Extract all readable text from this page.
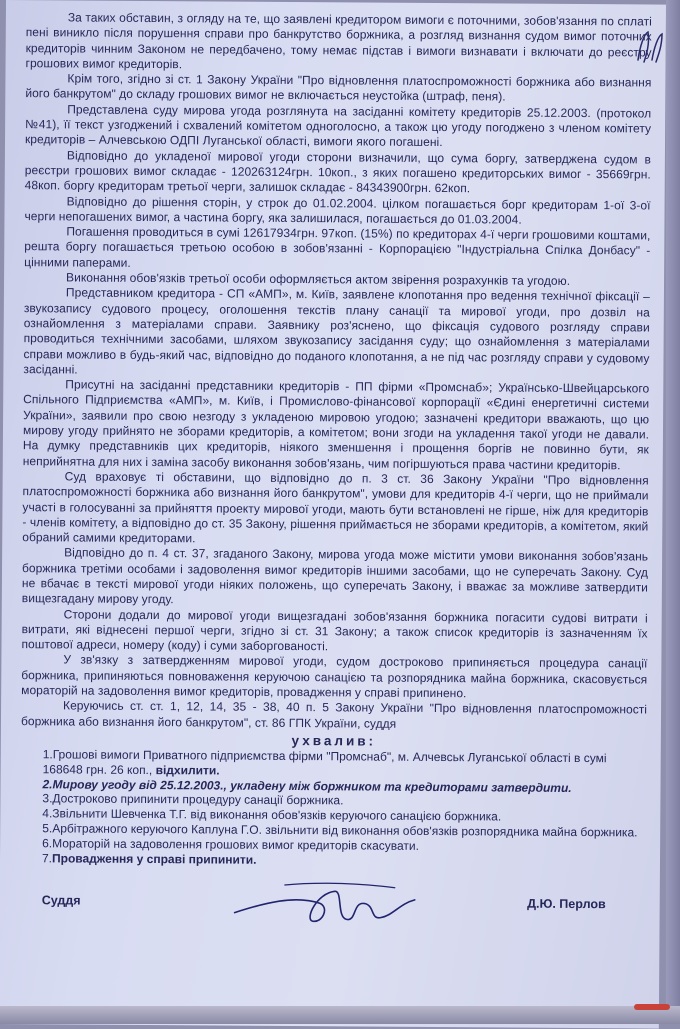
За таких обставин, з огляду на те, що заявлені кредитором вимоги є поточними, зобов'язання по сплаті пені виникло після порушення справи про банкрутство боржника, а розгляд визнання судом вимог поточних кредиторів чинним Законом не передбачено, тому немає підстав і вимоги визнавати і включати до реєстру грошових вимог кредиторів.

Крім того, згідно зі ст. 1 Закону України "Про відновлення платоспроможності боржника або визнання його банкрутом" до складу грошових вимог не включається неустойка (штраф, пеня).

Представлена суду мирова угода розглянута на засіданні комітету кредиторів 25.12.2003. (протокол №41), її текст узгоджений і схвалений комітетом одноголосно, а також цю угоду погоджено з членом комітету кредиторів – Алчевською ОДПІ Луганської області, вимоги якого погашені.

Відповідно до укладеної мирової угоди сторони визначили, що сума боргу, затверджена судом в реєстри грошових вимог складає - 120263124грн. 10коп., з яких погашено кредиторських вимог - 35669грн. 48коп. боргу кредиторам третьої черги, залишок складає - 84343900грн. 62коп.

Відповідно до рішення сторін, у строк до 01.02.2004. цілком погашається борг кредиторам 1-ої 3-ої черги непогашених вимог, а частина боргу, яка залишилася, погашається до 01.03.2004.

Погашення проводиться в сумі 12617934грн. 97коп. (15%) по кредиторах 4-ї черги грошовими коштами, решта боргу погашається третьою особою в зобов'язанні - Корпорацією "Індустріальна Спілка Донбасу" - цінними паперами.

Виконання обов'язків третьої особи оформляється актом звірення розрахунків та угодою.

Представником кредитора - СП «АМП», м. Київ, заявлене клопотання про ведення технічної фіксації – звукозапису судового процесу, оголошення текстів плану санації та мирової угоди, про дозвіл на ознайомлення з матеріалами справи. Заявнику роз'яснено, що фіксація судового розгляду справи проводиться технічними засобами, шляхом звукозапису засідання суду; що ознайомлення з матеріалами справи можливо в будь-який час, відповідно до поданого клопотання, а не під час розгляду справи у судовому засіданні.

Присутні на засіданні представники кредиторів - ПП фірми «Промснаб»; Українсько-Швейцарського Спільного Підприємства «АМП», м. Київ, і Промислово-фінансової корпорації «Єдині енергетичні системи України», заявили про свою незгоду з укладеною мировою угодою; зазначені кредитори вважають, що цю мирову угоду прийнято не зборами кредиторів, а комітетом; вони згоди на укладення такої угоди не давали. На думку представників цих кредиторів, ніякого зменшення і прощення боргів не повинно бути, як неприйнятна для них і заміна засобу виконання зобов'язань, чим погіршуються права частини кредиторів.

Суд враховує ті обставини, що відповідно до п. 3 ст. 36 Закону України "Про відновлення платоспроможності боржника або визнання його банкрутом", умови для кредиторів 4-ї черги, що не приймали участі в голосуванні за прийняття проекту мирової угоди, мають бути встановлені не гірше, ніж для кредиторів - членів комітету, а відповідно до ст. 35 Закону, рішення приймається не зборами кредиторів, а комітетом, який обраний самими кредиторами.

Відповідно до п. 4 ст. 37, згаданого Закону, мирова угода може містити умови виконання зобов'язань боржника третіми особами і задоволення вимог кредиторів іншими засобами, що не суперечать Закону. Суд не вбачає в тексті мирової угоди ніяких положень, що суперечать Закону, і вважає за можливе затвердити вищезгадану мирову угоду.

Сторони додали до мирової угоди вищезгадані зобов'язання боржника погасити судові витрати і витрати, які віднесені першої черги, згідно зі ст. 31 Закону; а також список кредиторів із зазначенням їх поштової адреси, номеру (коду) і суми заборгованості.

У зв'язку з затвердженням мирової угоди, судом достроково припиняється процедура санації боржника, припиняються повноваження керуючою санацією та розпорядника майна боржника, скасовується мораторій на задоволення вимог кредиторів, провадження у справі припинено.

Керуючись ст. ст. 1, 12, 14, 35 - 38, 40 п. 5 Закону України "Про відновлення платоспроможності боржника або визнання його банкрутом", ст. 86 ГПК України, суддя

ухвалив:
1.Грошові вимоги Приватного підприємства фірми "Промснаб", м. Алчевськ Луганської області в сумі 168648 грн. 26 коп., відхилити.
2.Мирову угоду від 25.12.2003., укладену між боржником та кредиторами затвердити.
3.Достроково припинити процедуру санації боржника.
4.Звільнити Шевченка Т.Г. від виконання обов'язків керуючого санацією боржника.
5.Арбітражного керуючого Каплуна Г.О. звільнити від виконання обов'язків розпорядника майна боржника.
6.Мораторій на задоволення грошових вимог кредиторів скасувати.
7.Провадження у справі припинити.
Суддя	Д.Ю. Перлов
